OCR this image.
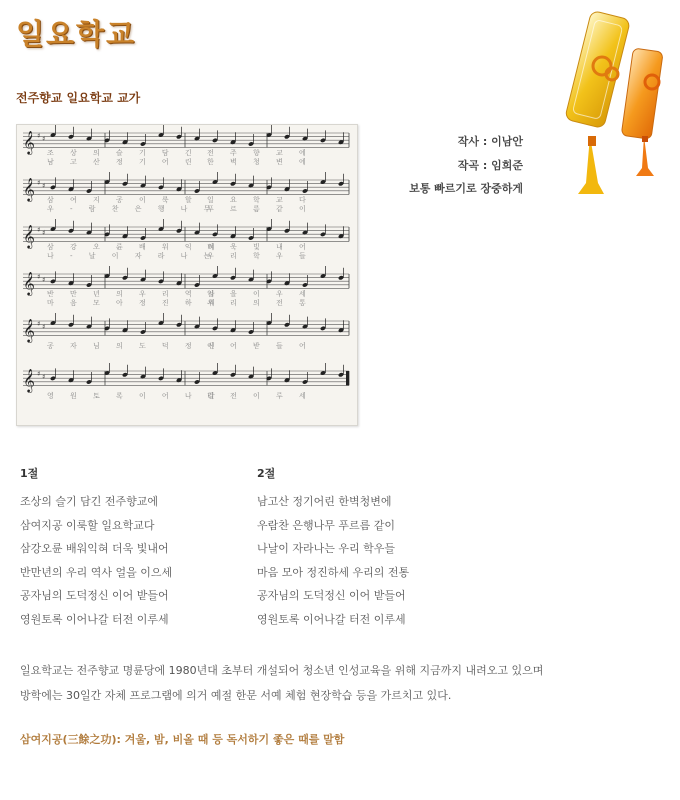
일요학교
전주향교 일요학교 교가
𝄞 ♯ ♯
조 상 의 슬 기 담 긴 전 주 향 교 에
남 고 산 정 기 어 린 한 벽 청 변 에
𝄞 ♯ ♯
삼 여 지 공 이 룩 할 일 요 학 교 다
우 - 람 찬 은 행 나 무
푸 르 름 같 이
𝄞 ♯ ♯
삼 강 오 륜 배 워 익 혀
더 욱 빛 내 어
나 - 날 이 자 라 나 는
우 리 학 우 들
𝄞 ♯ ♯
반 만 년 의 우 리 역 사
얼 을 이 우 세
마 음 모 아 정 진 하 세
우 리 의 전 통
𝄞 ♯ ♯
공 자 님 의 도 덕 정 신
이 어 받 들 어
𝄞 ♯ ♯
영 원 토 록 이 어 나 갈
터 전 이 루 세
작사 : 이남안
작곡 : 임희준
보통 빠르기로 장중하게
1절
조상의 슬기 담긴 전주향교에
삼여지공 이룩할 일요학교다
삼강오륜 배워익혀 더욱 빛내어
반만년의 우리 역사 얼을 이으세
공자님의 도덕정신 이어 받들어
영원토록 이어나갈 터전 이루세
2절
남고산 정기어린 한벽청변에
우람찬 은행나무 푸르름 같이
나날이 자라나는 우리 학우들
마음 모아 정진하세 우리의 전통
공자님의 도덕정신 이어 받들어
영원토록 이어나갈 터전 이루세
일요학교는 전주향교 명륜당에 1980년대 초부터 개설되어 청소년 인성교육을 위해 지금까지 내려오고 있으며
방학에는 30일간 자체 프로그램에 의거 예절 한문 서예 체험 현장학습 등을 가르치고 있다.
삼여지공(三餘之功): 겨울, 밤, 비올 때 등 독서하기 좋은 때를 말함
